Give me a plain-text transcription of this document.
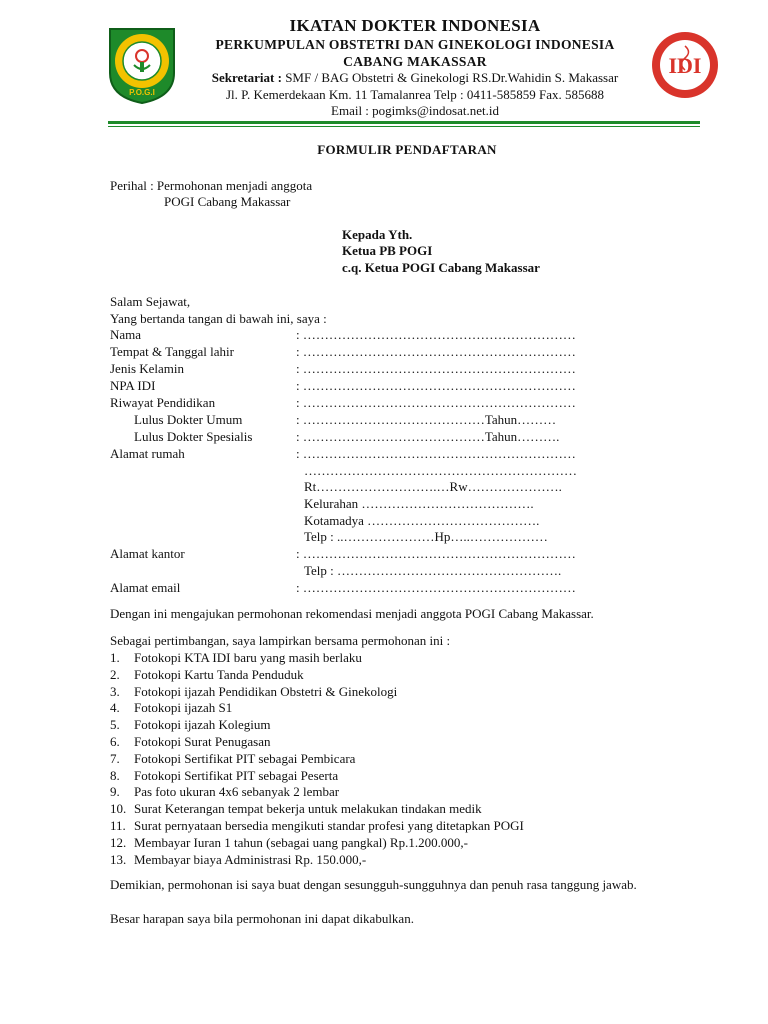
P.O.G.I
IKATAN DOKTER INDONESIA
PERKUMPULAN OBSTETRI DAN GINEKOLOGI INDONESIA
CABANG MAKASSAR
Sekretariat : SMF / BAG Obstetri & Ginekologi RS.Dr.Wahidin S. Makassar
Jl. P. Kemerdekaan Km. 11 Tamalanrea Telp : 0411-585859 Fax. 585688
Email : pogimks@indosat.net.id
IDI
FORMULIR PENDAFTARAN
Perihal : Permohonan menjadi anggota
POGI Cabang Makassar
Kepada Yth.
Ketua PB POGI
c.q. Ketua POGI Cabang Makassar
Salam Sejawat,
Yang bertanda tangan di bawah ini, saya :
Nama	: ………………………………………………………
Tempat & Tanggal lahir	: ………………………………………………………
Jenis Kelamin	: ………………………………………………………
NPA IDI	: ………………………………………………………
Riwayat Pendidikan	: ………………………………………………………
Lulus Dokter Umum	: ……………………………………Tahun………
Lulus Dokter Spesialis	: ……………………………………Tahun……….
Alamat rumah	: ………………………………………………………
………………………………………………………
Rt……………………….…Rw………………….
Kelurahan ………………………………….
Kotamadya ………………………………….
Telp : ..…………………Hp…..………………
Alamat kantor	: ………………………………………………………
Telp : …………………………………………….
Alamat email	: ………………………………………………………
Dengan ini mengajukan permohonan rekomendasi menjadi anggota POGI Cabang Makassar.
Sebagai pertimbangan, saya lampirkan bersama permohonan ini :
1. Fotokopi KTA IDI baru yang masih berlaku
2. Fotokopi Kartu Tanda Penduduk
3. Fotokopi ijazah Pendidikan Obstetri & Ginekologi
4. Fotokopi ijazah S1
5. Fotokopi ijazah Kolegium
6. Fotokopi Surat Penugasan
7. Fotokopi Sertifikat PIT sebagai Pembicara
8. Fotokopi Sertifikat PIT sebagai Peserta
9. Pas foto ukuran 4x6 sebanyak 2 lembar
10. Surat Keterangan tempat bekerja untuk melakukan tindakan medik
11. Surat pernyataan bersedia mengikuti standar profesi yang ditetapkan POGI
12. Membayar Iuran 1 tahun (sebagai uang pangkal) Rp.1.200.000,-
13. Membayar biaya Administrasi Rp. 150.000,-
Demikian, permohonan isi saya buat dengan sesungguh-sungguhnya dan penuh rasa tanggung jawab.
Besar harapan saya bila permohonan ini dapat dikabulkan.
